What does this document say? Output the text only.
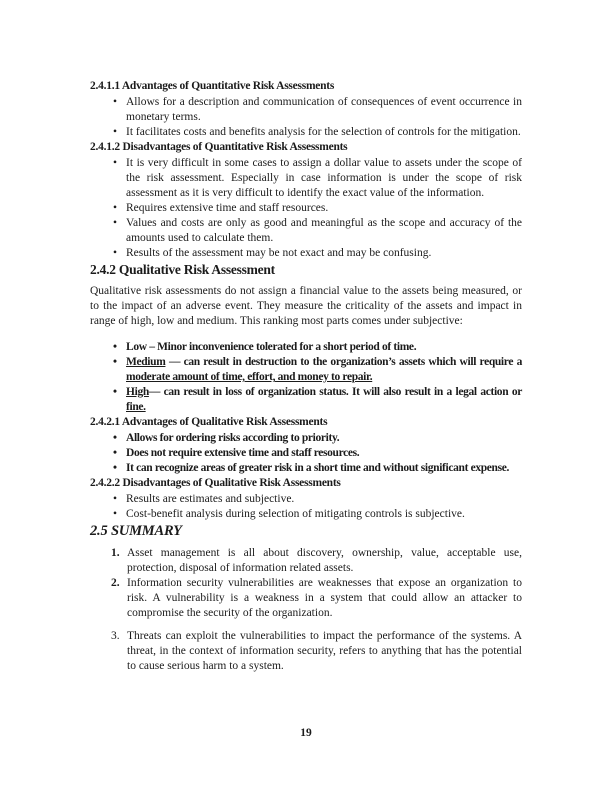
2.4.1.1 Advantages of Quantitative Risk Assessments
• Allows for a description and communication of consequences of event occurrence in monetary terms.
• It facilitates costs and benefits analysis for the selection of controls for the mitigation.
2.4.1.2 Disadvantages of Quantitative Risk Assessments
• It is very difficult in some cases to assign a dollar value to assets under the scope of the risk assessment. Especially in case information is under the scope of risk assessment as it is very difficult to identify the exact value of the information.
• Requires extensive time and staff resources.
• Values and costs are only as good and meaningful as the scope and accuracy of the amounts used to calculate them.
• Results of the assessment may be not exact and may be confusing.
2.4.2 Qualitative Risk Assessment

Qualitative risk assessments do not assign a financial value to the assets being measured, or to the impact of an adverse event. They measure the criticality of the assets and impact in range of high, low and medium. This ranking most parts comes under subjective:

• Low – Minor inconvenience tolerated for a short period of time.
• Medium — can result in destruction to the organization’s assets which will require a moderate amount of time, effort, and money to repair.
• High— can result in loss of organization status. It will also result in a legal action or fine.
2.4.2.1 Advantages of Qualitative Risk Assessments
• Allows for ordering risks according to priority.
• Does not require extensive time and staff resources.
• It can recognize areas of greater risk in a short time and without significant expense.
2.4.2.2 Disadvantages of Qualitative Risk Assessments
• Results are estimates and subjective.
• Cost-benefit analysis during selection of mitigating controls is subjective.
2.5 SUMMARY
1. Asset management is all about discovery, ownership, value, acceptable use, protection, disposal of information related assets.
2. Information security vulnerabilities are weaknesses that expose an organization to risk. A vulnerability is a weakness in a system that could allow an attacker to compromise the security of the organization.
3. Threats can exploit the vulnerabilities to impact the performance of the systems. A threat, in the context of information security, refers to anything that has the potential to cause serious harm to a system.
19
